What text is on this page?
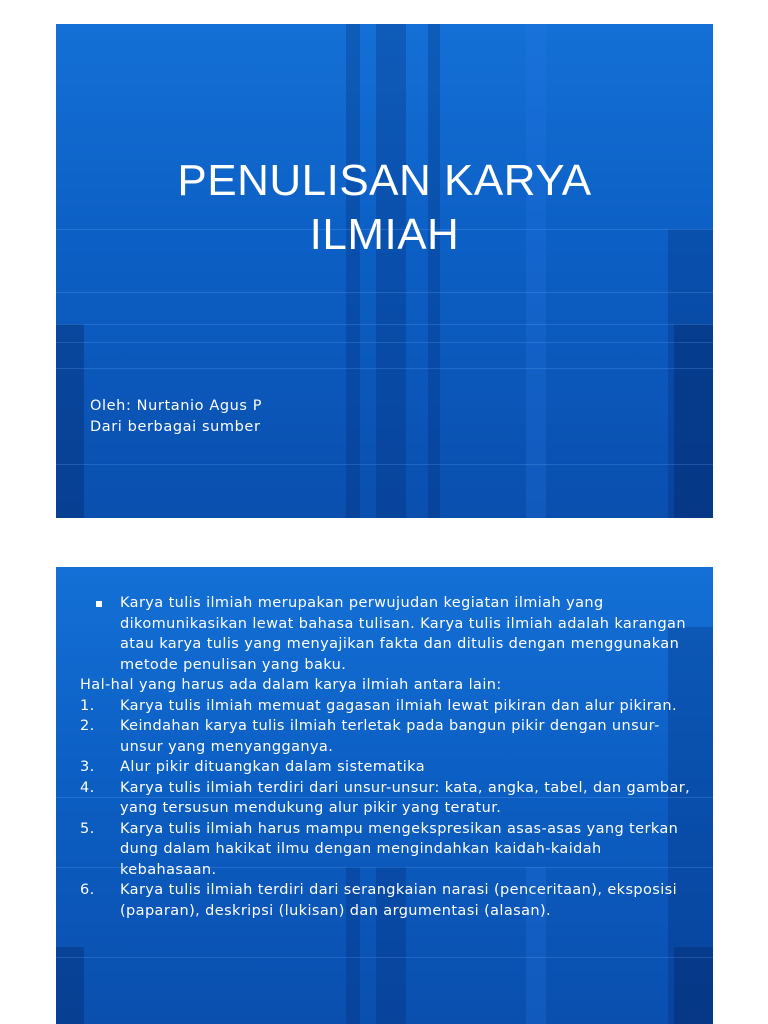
PENULISAN KARYA
ILMIAH
Oleh: Nurtanio Agus P
Dari berbagai sumber
Karya tulis ilmiah merupakan perwujudan kegiatan ilmiah yang dikomunikasikan lewat bahasa tulisan. Karya tulis ilmiah adalah karangan atau karya tulis yang menyajikan fakta dan ditulis dengan menggunakan metode penulisan yang baku.
Hal-hal yang harus ada dalam karya ilmiah antara lain:
1.	Karya tulis ilmiah memuat gagasan ilmiah lewat pikiran dan alur pikiran.
2.	Keindahan karya tulis ilmiah terletak pada bangun pikir dengan unsur-unsur yang menyangganya.
3.	Alur pikir dituangkan dalam sistematika
4.	Karya tulis ilmiah terdiri dari unsur-unsur: kata, angka, tabel, dan gambar, yang tersusun mendukung alur pikir yang teratur.
5.	Karya tulis ilmiah harus mampu mengekspresikan asas-asas yang terkan dung dalam hakikat ilmu dengan mengindahkan kaidah-kaidah kebahasaan.
6.	Karya tulis ilmiah terdiri dari serangkaian narasi (penceritaan), eksposisi (paparan), deskripsi (lukisan) dan argumentasi (alasan).
